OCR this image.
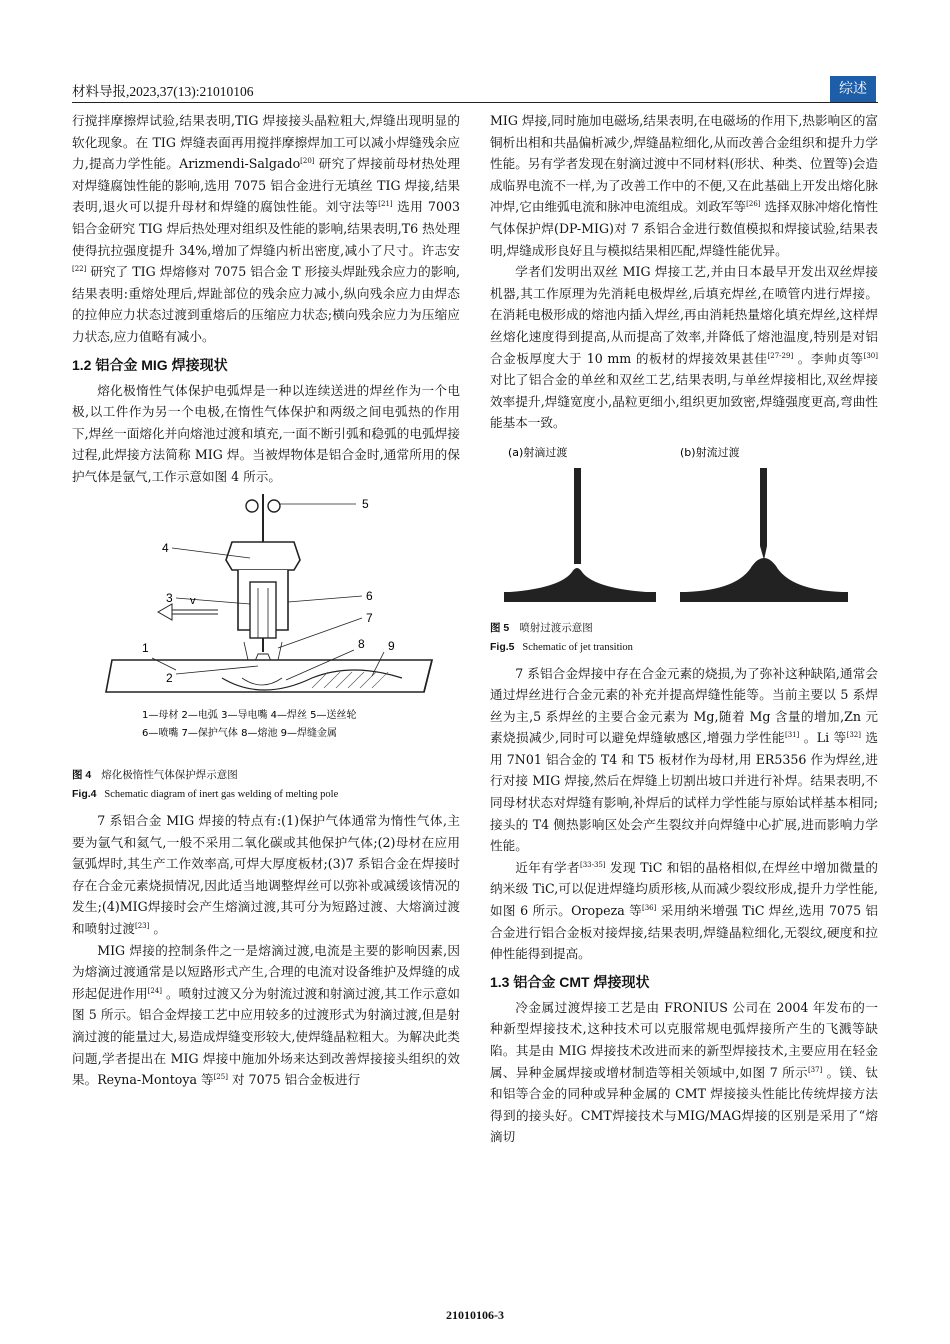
材料导报,2023,37(13):21010106	综述

行搅拌摩擦焊试验,结果表明,TIG 焊接接头晶粒粗大,焊缝出现明显的软化现象。在 TIG 焊缝表面再用搅拌摩擦焊加工可以减小焊缝残余应力,提高力学性能。Arizmendi-Salgado[20] 研究了焊接前母材热处理对焊缝腐蚀性能的影响,选用 7075 铝合金进行无填丝 TIG 焊接,结果表明,退火可以提升母材和焊缝的腐蚀性能。刘守法等[21] 选用 7003 铝合金研究 TIG 焊后热处理对组织及性能的影响,结果表明,T6 热处理使得抗拉强度提升 34%,增加了焊缝内析出密度,减小了尺寸。许志安[22] 研究了 TIG 焊熔修对 7075 铝合金 T 形接头焊趾残余应力的影响,结果表明:重熔处理后,焊趾部位的残余应力减小,纵向残余应力由焊态的拉伸应力状态过渡到重熔后的压缩应力状态;横向残余应力为压缩应力状态,应力值略有减小。

1.2 铝合金 MIG 焊接现状

熔化极惰性气体保护电弧焊是一种以连续送进的焊丝作为一个电极,以工件作为另一个电极,在惰性气体保护和两级之间电弧热的作用下,焊丝一面熔化并向熔池过渡和填充,一面不断引弧和稳弧的电弧焊接过程,此焊接方法简称 MIG 焊。当被焊物体是铝合金时,通常所用的保护气体是氩气,工作示意如图 4 所示。

5
4
3	6
7
v
1
2
8 9
1—母材 2—电弧 3—导电嘴 4—焊丝 5—送丝轮
6—喷嘴 7—保护气体 8—熔池 9—焊缝金属
图 4 熔化极惰性气体保护焊示意图
Fig.4 Schematic diagram of inert gas welding of melting pole

7 系铝合金 MIG 焊接的特点有:(1)保护气体通常为惰性气体,主要为氩气和氦气,一般不采用二氧化碳或其他保护气体;(2)母材在应用氩弧焊时,其生产工作效率高,可焊大厚度板材;(3)7 系铝合金在焊接时存在合金元素烧损情况,因此适当地调整焊丝可以弥补或减缓该情况的发生;(4)MIG焊接时会产生熔滴过渡,其可分为短路过渡、大熔滴过渡和喷射过渡[23] 。

MIG 焊接的控制条件之一是熔滴过渡,电流是主要的影响因素,因为熔滴过渡通常是以短路形式产生,合理的电流对设备维护及焊缝的成形起促进作用[24] 。喷射过渡又分为射流过渡和射滴过渡,其工作示意如图 5 所示。铝合金焊接工艺中应用较多的过渡形式为射滴过渡,但是射滴过渡的能量过大,易造成焊缝变形较大,使焊缝晶粒粗大。为解决此类问题,学者提出在 MIG 焊接中施加外场来达到改善焊接接头组织的效果。Reyna-Montoya 等[25] 对 7075 铝合金板进行

MIG 焊接,同时施加电磁场,结果表明,在电磁场的作用下,热影响区的富铜析出相和共晶偏析减少,焊缝晶粒细化,从而改善合金组织和提升力学性能。另有学者发现在射滴过渡中不同材料(形状、种类、位置等)会造成临界电流不一样,为了改善工作中的不便,又在此基础上开发出熔化脉冲焊,它由维弧电流和脉冲电流组成。刘政军等[26] 选择双脉冲熔化惰性气体保护焊(DP-MIG)对 7 系铝合金进行数值模拟和焊接试验,结果表明,焊缝成形良好且与模拟结果相匹配,焊缝性能优异。

学者们发明出双丝 MIG 焊接工艺,并由日本最早开发出双丝焊接机器,其工作原理为先消耗电极焊丝,后填充焊丝,在喷管内进行焊接。在消耗电极形成的熔池内插入焊丝,再由消耗热量熔化填充焊丝,这样焊丝熔化速度得到提高,从而提高了效率,并降低了熔池温度,特别是对铝合金板厚度大于 10 mm 的板材的焊接效果甚佳[27-29] 。李帅贞等[30] 对比了铝合金的单丝和双丝工艺,结果表明,与单丝焊接相比,双丝焊接效率提升,焊缝宽度小,晶粒更细小,组织更加致密,焊缝强度更高,弯曲性能基本一致。

(a)射滴过渡	(b)射流过渡
图 5 喷射过渡示意图
Fig.5 Schematic of jet transition

7 系铝合金焊接中存在合金元素的烧损,为了弥补这种缺陷,通常会通过焊丝进行合金元素的补充并提高焊缝性能等。当前主要以 5 系焊丝为主,5 系焊丝的主要合金元素为 Mg,随着 Mg 含量的增加,Zn 元素烧损减少,同时可以避免焊缝敏感区,增强力学性能[31] 。Li 等[32] 选用 7N01 铝合金的 T4 和 T5 板材作为母材,用 ER5356 作为焊丝,进行对接 MIG 焊接,然后在焊缝上切割出坡口并进行补焊。结果表明,不同母材状态对焊缝有影响,补焊后的试样力学性能与原始试样基本相同;接头的 T4 侧热影响区处会产生裂纹并向焊缝中心扩展,进而影响力学性能。

近年有学者[33-35] 发现 TiC 和铝的晶格相似,在焊丝中增加微量的纳米级 TiC,可以促进焊缝均质形核,从而减少裂纹形成,提升力学性能,如图 6 所示。Oropeza 等[36] 采用纳米增强 TiC 焊丝,选用 7075 铝合金进行铝合金板对接焊接,结果表明,焊缝晶粒细化,无裂纹,硬度和拉伸性能得到提高。

1.3 铝合金 CMT 焊接现状

冷金属过渡焊接工艺是由 FRONIUS 公司在 2004 年发布的一种新型焊接技术,这种技术可以克服常规电弧焊接所产生的飞溅等缺陷。其是由 MIG 焊接技术改进而来的新型焊接技术,主要应用在轻金属、异种金属焊接或增材制造等相关领域中,如图 7 所示[37] 。镁、钛和铝等合金的同种或异种金属的 CMT 焊接接头性能比传统焊接方法得到的接头好。CMT焊接技术与MIG/MAG焊接的区别是采用了“熔滴切

21010106-3
